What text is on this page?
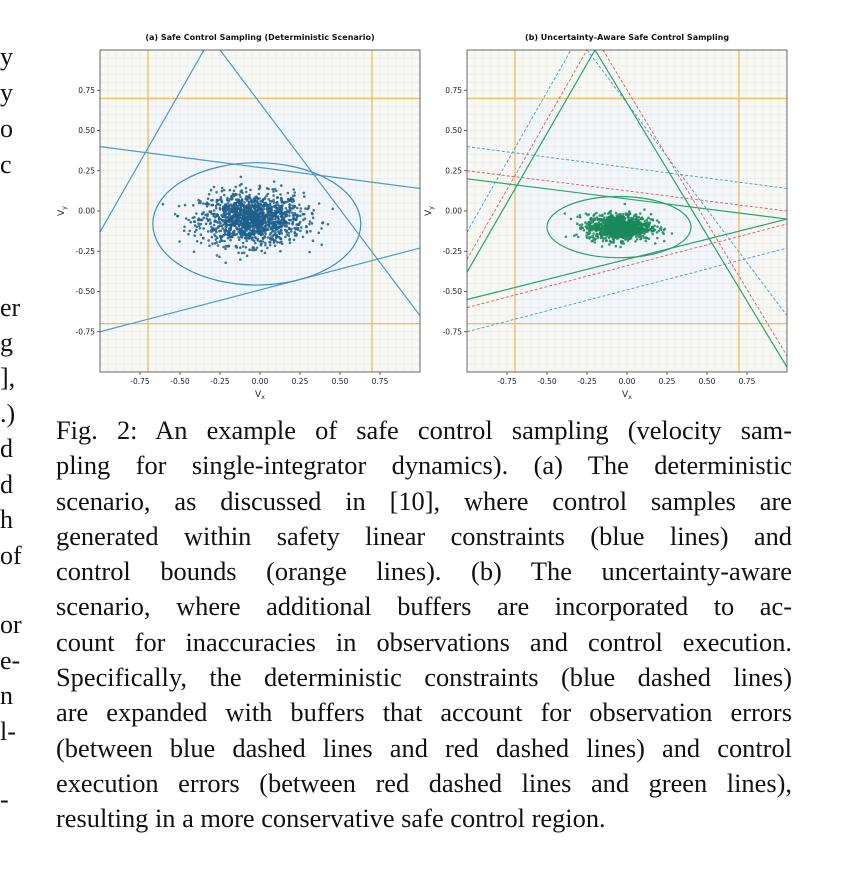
y
y
o
c
er
g
],
.)
d
d
h
of
or
e-
n
l-
-
-0.75	-0.50	-0.25	0.00	0.25	0.50	0.75
0.75
0.50
0.25
0.00
-0.25
-0.50
-0.75
(a) Safe Control Sampling (Deterministic Scenario)
$V_x$
$V_y$
-0.75	-0.50	-0.25	0.00	0.25	0.50	0.75
0.75
0.50
0.25
0.00
-0.25
-0.50
-0.75
(b) Uncertainty-Aware Safe Control Sampling
$V_x$
$V_y$
Fig. 2: An example of safe control sampling (velocity sam-
pling for single-integrator dynamics). (a) The deterministic
scenario, as discussed in [10], where control samples are
generated within safety linear constraints (blue lines) and
control bounds (orange lines). (b) The uncertainty-aware
scenario, where additional buffers are incorporated to ac-
count for inaccuracies in observations and control execution.
Specifically, the deterministic constraints (blue dashed lines)
are expanded with buffers that account for observation errors
(between blue dashed lines and red dashed lines) and control
execution errors (between red dashed lines and green lines),
resulting in a more conservative safe control region.
